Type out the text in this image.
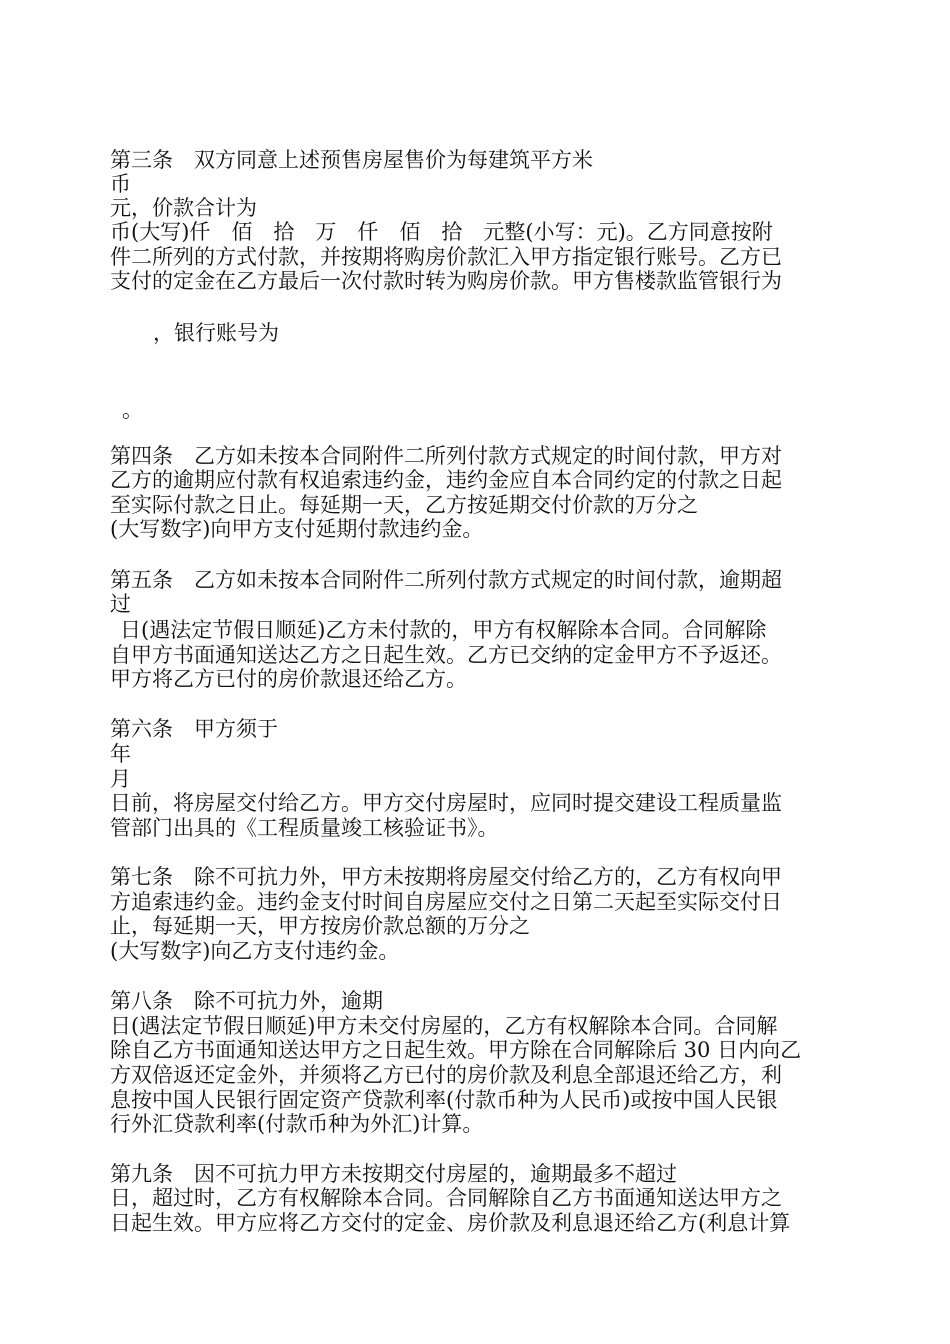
第三条　双方同意上述预售房屋售价为每建筑平方米
币
元，价款合计为
币(大写)仟　佰　拾　万　仟　佰　拾　元整(小写：元)。乙方同意按附
件二所列的方式付款，并按期将购房价款汇入甲方指定银行账号。乙方已
支付的定金在乙方最后一次付款时转为购房价款。甲方售楼款监管银行为
　，银行账号为
。
第四条　乙方如未按本合同附件二所列付款方式规定的时间付款，甲方对
乙方的逾期应付款有权追索违约金，违约金应自本合同约定的付款之日起
至实际付款之日止。每延期一天，乙方按延期交付价款的万分之
(大写数字)向甲方支付延期付款违约金。
第五条　乙方如未按本合同附件二所列付款方式规定的时间付款，逾期超
过
日(遇法定节假日顺延)乙方未付款的，甲方有权解除本合同。合同解除
自甲方书面通知送达乙方之日起生效。乙方已交纳的定金甲方不予返还。
甲方将乙方已付的房价款退还给乙方。
第六条　甲方须于
年
月
日前，将房屋交付给乙方。甲方交付房屋时，应同时提交建设工程质量监
管部门出具的《工程质量竣工核验证书》。
第七条　除不可抗力外，甲方未按期将房屋交付给乙方的，乙方有权向甲
方追索违约金。违约金支付时间自房屋应交付之日第二天起至实际交付日
止，每延期一天，甲方按房价款总额的万分之
(大写数字)向乙方支付违约金。
第八条　除不可抗力外，逾期
日(遇法定节假日顺延)甲方未交付房屋的，乙方有权解除本合同。合同解
除自乙方书面通知送达甲方之日起生效。甲方除在合同解除后 30 日内向乙
方双倍返还定金外，并须将乙方已付的房价款及利息全部退还给乙方，利
息按中国人民银行固定资产贷款利率(付款币种为人民币)或按中国人民银
行外汇贷款利率(付款币种为外汇)计算。
第九条　因不可抗力甲方未按期交付房屋的，逾期最多不超过
日，超过时，乙方有权解除本合同。合同解除自乙方书面通知送达甲方之
日起生效。甲方应将乙方交付的定金、房价款及利息退还给乙方(利息计算
